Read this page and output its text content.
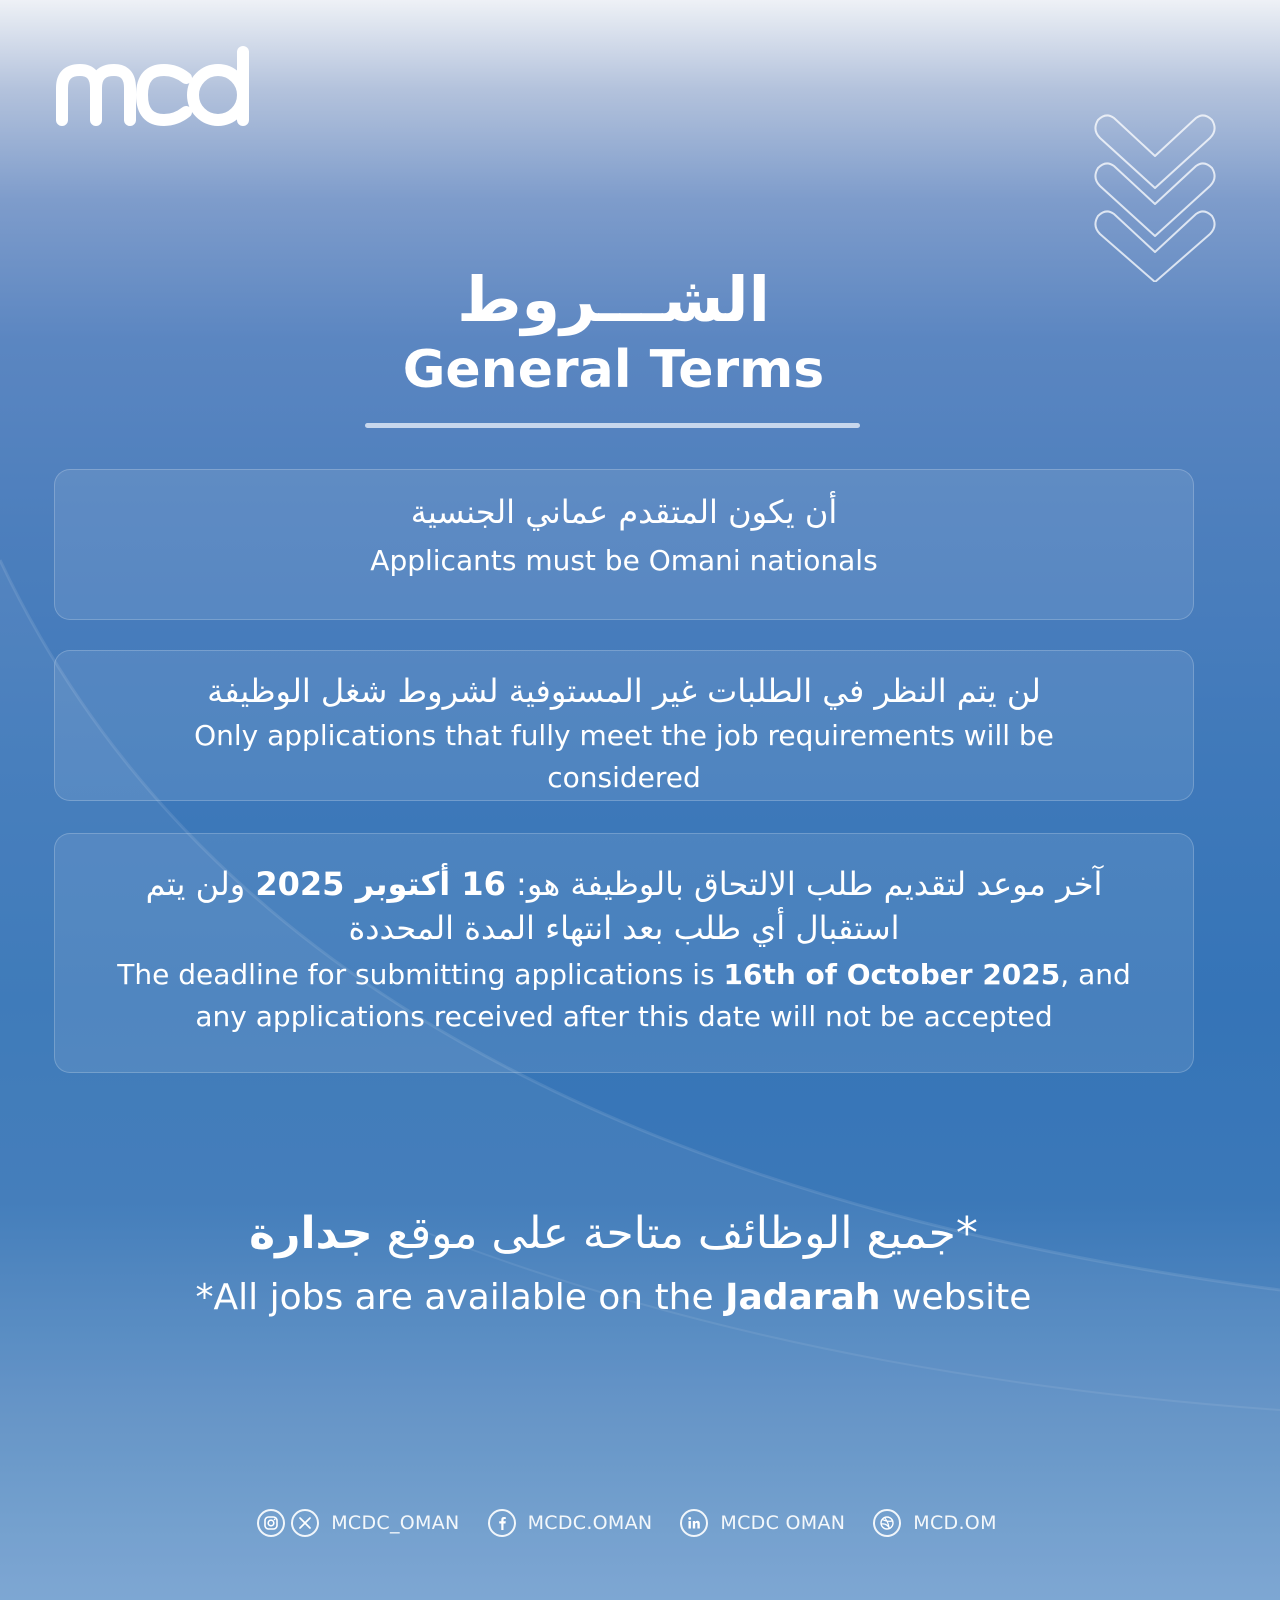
الشـــروط
General Terms
أن يكون المتقدم عماني الجنسية
Applicants must be Omani nationals
لن يتم النظر في الطلبات غير المستوفية لشروط شغل الوظيفة
Only applications that fully meet the job requirements will be considered
آخر موعد لتقديم طلب الالتحاق بالوظيفة هو: 16 أكتوبر 2025 ولن يتم استقبال أي طلب بعد انتهاء المدة المحددة
The deadline for submitting applications is 16th of October 2025, and any applications received after this date will not be accepted
*جميع الوظائف متاحة على موقع جدارة
*All jobs are available on the Jadarah website
MCDC_OMAN	MCDC.OMAN	MCDC OMAN	MCD.OM
